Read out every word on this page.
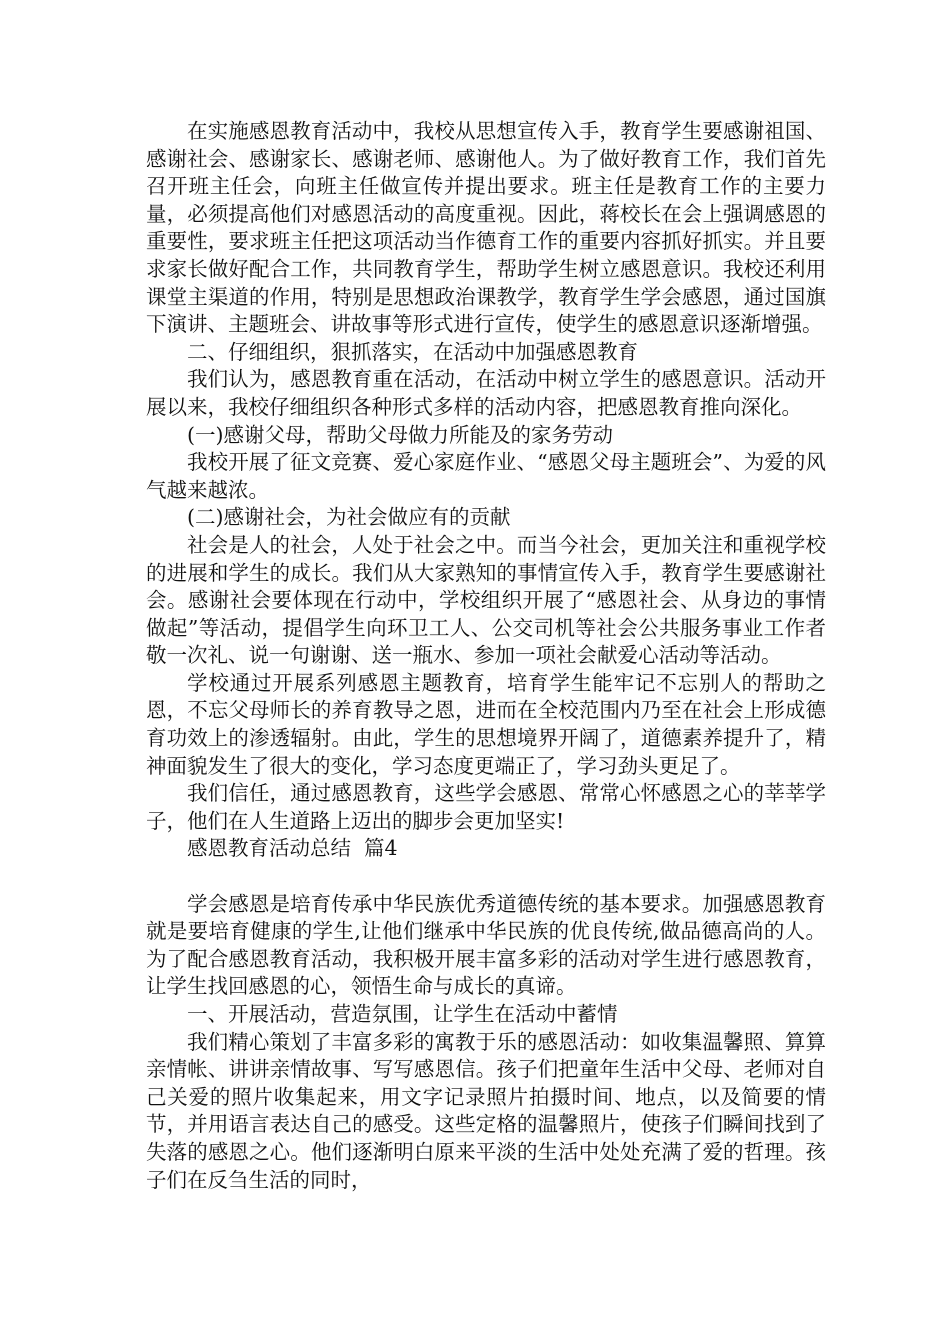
在实施感恩教育活动中，我校从思想宣传入手，教育学生要感谢祖国、感谢社会、感谢家长、感谢老师、感谢他人。为了做好教育工作，我们首先召开班主任会，向班主任做宣传并提出要求。班主任是教育工作的主要力量，必须提高他们对感恩活动的高度重视。因此，蒋校长在会上强调感恩的重要性，要求班主任把这项活动当作德育工作的重要内容抓好抓实。并且要求家长做好配合工作，共同教育学生，帮助学生树立感恩意识。我校还利用课堂主渠道的作用，特别是思想政治课教学，教育学生学会感恩，通过国旗下演讲、主题班会、讲故事等形式进行宣传，使学生的感恩意识逐渐增强。

二、仔细组织，狠抓落实，在活动中加强感恩教育

我们认为，感恩教育重在活动，在活动中树立学生的感恩意识。活动开展以来，我校仔细组织各种形式多样的活动内容，把感恩教育推向深化。

(一)感谢父母，帮助父母做力所能及的家务劳动

我校开展了征文竞赛、爱心家庭作业、“感恩父母主题班会”、为爱的风气越来越浓。

(二)感谢社会，为社会做应有的贡献

社会是人的社会，人处于社会之中。而当今社会，更加关注和重视学校的进展和学生的成长。我们从大家熟知的事情宣传入手，教育学生要感谢社会。感谢社会要体现在行动中，学校组织开展了“感恩社会、从身边的事情做起”等活动，提倡学生向环卫工人、公交司机等社会公共服务事业工作者敬一次礼、说一句谢谢、送一瓶水、参加一项社会献爱心活动等活动。

学校通过开展系列感恩主题教育，培育学生能牢记不忘别人的帮助之恩，不忘父母师长的养育教导之恩，进而在全校范围内乃至在社会上形成德育功效上的渗透辐射。由此，学生的思想境界开阔了，道德素养提升了，精神面貌发生了很大的变化，学习态度更端正了，学习劲头更足了。

我们信任，通过感恩教育，这些学会感恩、常常心怀感恩之心的莘莘学子，他们在人生道路上迈出的脚步会更加坚实!

感恩教育活动总结  篇4

学会感恩是培育传承中华民族优秀道德传统的基本要求。加强感恩教育就是要培育健康的学生,让他们继承中华民族的优良传统,做品德高尚的人。为了配合感恩教育活动，我积极开展丰富多彩的活动对学生进行感恩教育，让学生找回感恩的心，领悟生命与成长的真谛。

一、开展活动，营造氛围，让学生在活动中蓄情

我们精心策划了丰富多彩的寓教于乐的感恩活动：如收集温馨照、算算亲情帐、讲讲亲情故事、写写感恩信。孩子们把童年生活中父母、老师对自己关爱的照片收集起来，用文字记录照片拍摄时间、地点，以及简要的情节，并用语言表达自己的感受。这些定格的温馨照片，使孩子们瞬间找到了失落的感恩之心。他们逐渐明白原来平淡的生活中处处充满了爱的哲理。孩子们在反刍生活的同时，
